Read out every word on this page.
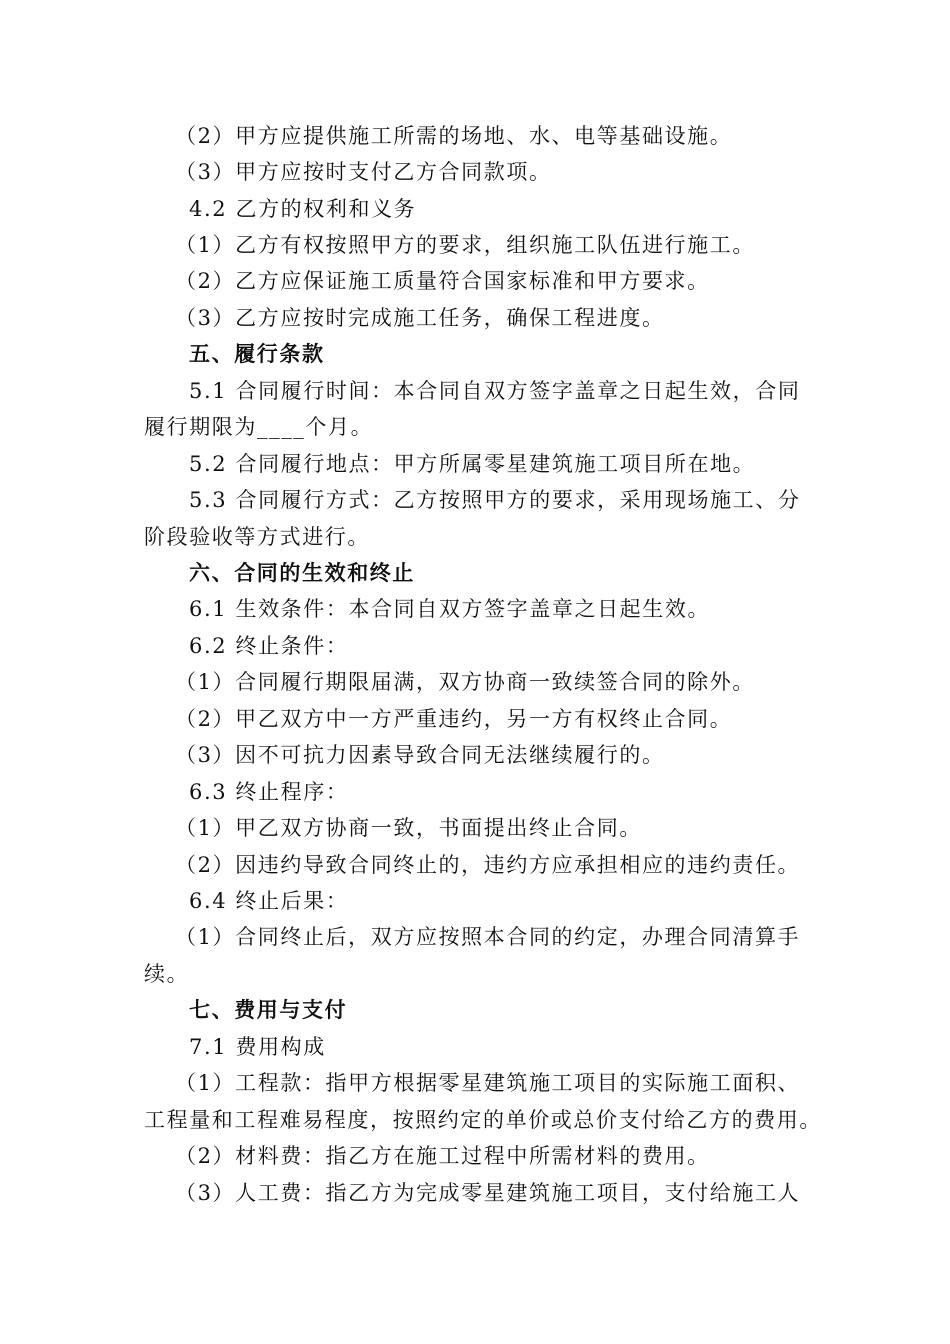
（2）甲方应提供施工所需的场地、水、电等基础设施。
（3）甲方应按时支付乙方合同款项。
4.2 乙方的权利和义务
（1）乙方有权按照甲方的要求，组织施工队伍进行施工。
（2）乙方应保证施工质量符合国家标准和甲方要求。
（3）乙方应按时完成施工任务，确保工程进度。
五、履行条款
5.1 合同履行时间：本合同自双方签字盖章之日起生效，合同
履行期限为____个月。
5.2 合同履行地点：甲方所属零星建筑施工项目所在地。
5.3 合同履行方式：乙方按照甲方的要求，采用现场施工、分
阶段验收等方式进行。
六、合同的生效和终止
6.1 生效条件：本合同自双方签字盖章之日起生效。
6.2 终止条件：
（1）合同履行期限届满，双方协商一致续签合同的除外。
（2）甲乙双方中一方严重违约，另一方有权终止合同。
（3）因不可抗力因素导致合同无法继续履行的。
6.3 终止程序：
（1）甲乙双方协商一致，书面提出终止合同。
（2）因违约导致合同终止的，违约方应承担相应的违约责任。
6.4 终止后果：
（1）合同终止后，双方应按照本合同的约定，办理合同清算手
续。
七、费用与支付
7.1 费用构成
（1）工程款：指甲方根据零星建筑施工项目的实际施工面积、
工程量和工程难易程度，按照约定的单价或总价支付给乙方的费用。
（2）材料费：指乙方在施工过程中所需材料的费用。
（3）人工费：指乙方为完成零星建筑施工项目，支付给施工人
